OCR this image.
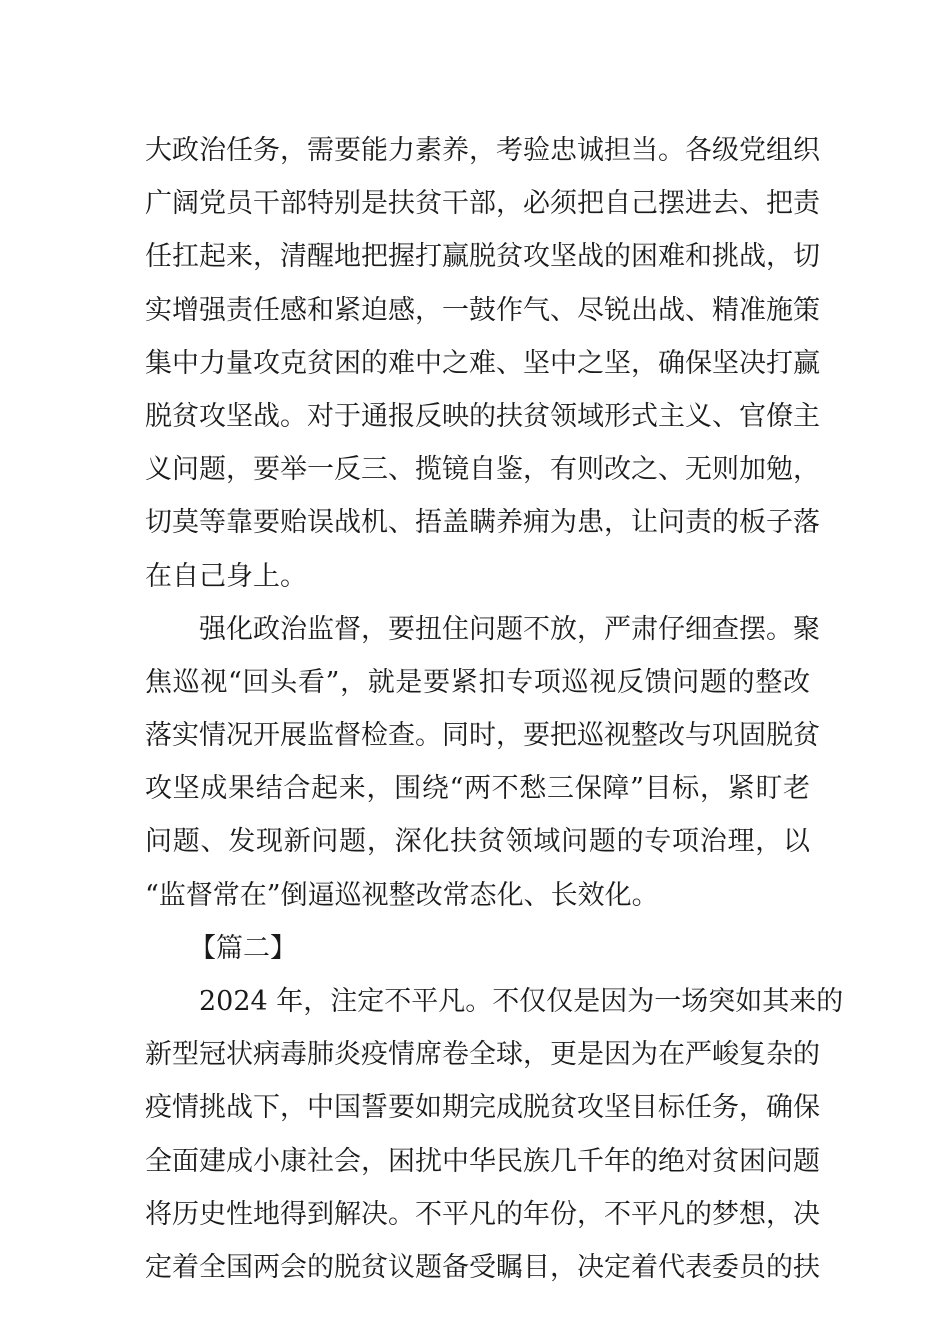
大政治任务，需要能力素养，考验忠诚担当。各级党组织
广阔党员干部特别是扶贫干部，必须把自己摆进去、把责
任扛起来，清醒地把握打赢脱贫攻坚战的困难和挑战，切
实增强责任感和紧迫感，一鼓作气、尽锐出战、精准施策
集中力量攻克贫困的难中之难、坚中之坚，确保坚决打赢
脱贫攻坚战。对于通报反映的扶贫领域形式主义、官僚主
义问题，要举一反三、揽镜自鉴，有则改之、无则加勉，
切莫等靠要贻误战机、捂盖瞒养痈为患，让问责的板子落
在自己身上。
强化政治监督，要扭住问题不放，严肃仔细查摆。聚
焦巡视“回头看”，就是要紧扣专项巡视反馈问题的整改
落实情况开展监督检查。同时，要把巡视整改与巩固脱贫
攻坚成果结合起来，围绕“两不愁三保障”目标，紧盯老
问题、发现新问题，深化扶贫领域问题的专项治理，以
“监督常在”倒逼巡视整改常态化、长效化。
【篇二】
2024 年，注定不平凡。不仅仅是因为一场突如其来的
新型冠状病毒肺炎疫情席卷全球，更是因为在严峻复杂的
疫情挑战下，中国誓要如期完成脱贫攻坚目标任务，确保
全面建成小康社会，困扰中华民族几千年的绝对贫困问题
将历史性地得到解决。不平凡的年份，不平凡的梦想，决
定着全国两会的脱贫议题备受瞩目，决定着代表委员的扶
